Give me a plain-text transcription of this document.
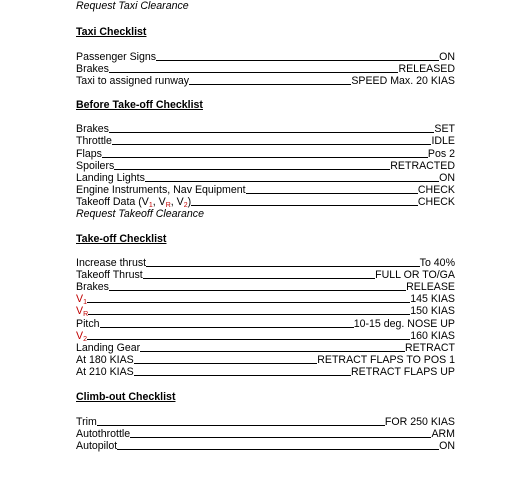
Request Taxi Clearance
Taxi Checklist
Passenger Signs	ON
Brakes	RELEASED
Taxi to assigned runway	SPEED Max. 20 KIAS
Before Take-off Checklist
Brakes	SET
Throttle	IDLE
Flaps	Pos 2
Spoilers	RETRACTED
Landing Lights	ON
Engine Instruments, Nav Equipment	CHECK
Takeoff Data ($V_1$, $V_R$, $V_2$)	CHECK
Request Takeoff Clearance
Take-off Checklist
Increase thrust	To 40%
Takeoff Thrust	FULL OR TO/GA
Brakes	RELEASE
$V_1$	145 KIAS
$V_R$	150 KIAS
Pitch	10-15 deg. NOSE UP
$V_2$	160 KIAS
Landing Gear	RETRACT
At 180 KIAS	RETRACT FLAPS TO POS 1
At 210 KIAS	RETRACT FLAPS UP
Climb-out Checklist
Trim	FOR 250 KIAS
Autothrottle	ARM
Autopilot	ON
